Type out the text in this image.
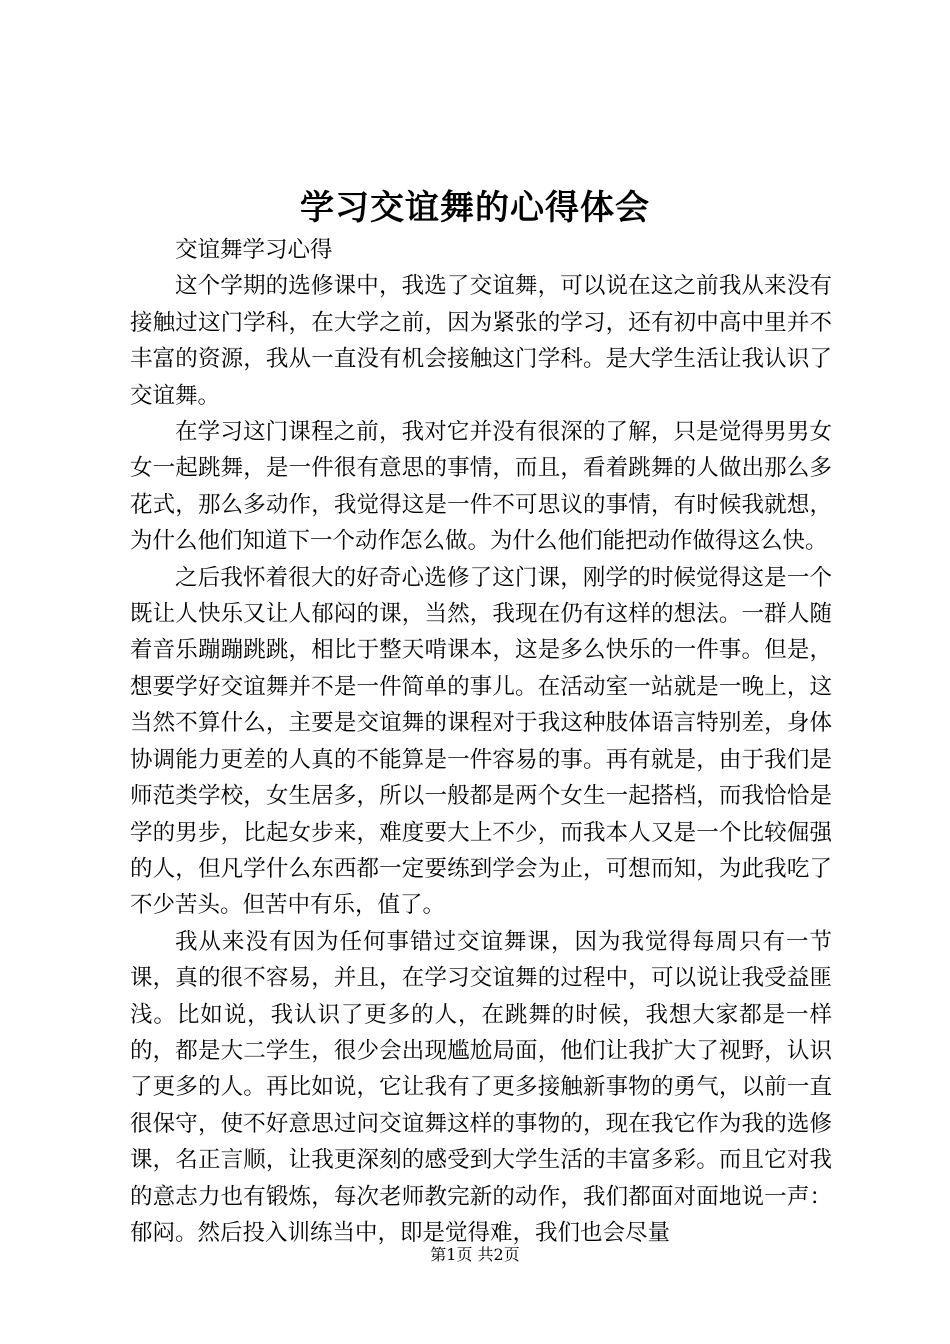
学习交谊舞的心得体会

交谊舞学习心得

这个学期的选修课中，我选了交谊舞，可以说在这之前我从来没有接触过这门学科，在大学之前，因为紧张的学习，还有初中高中里并不丰富的资源，我从一直没有机会接触这门学科。是大学生活让我认识了交谊舞。

在学习这门课程之前，我对它并没有很深的了解，只是觉得男男女女一起跳舞，是一件很有意思的事情，而且，看着跳舞的人做出那么多花式，那么多动作，我觉得这是一件不可思议的事情，有时候我就想，为什么他们知道下一个动作怎么做。为什么他们能把动作做得这么快。

之后我怀着很大的好奇心选修了这门课，刚学的时候觉得这是一个既让人快乐又让人郁闷的课，当然，我现在仍有这样的想法。一群人随着音乐蹦蹦跳跳，相比于整天啃课本，这是多么快乐的一件事。但是，想要学好交谊舞并不是一件简单的事儿。在活动室一站就是一晚上，这当然不算什么，主要是交谊舞的课程对于我这种肢体语言特别差，身体协调能力更差的人真的不能算是一件容易的事。再有就是，由于我们是师范类学校，女生居多，所以一般都是两个女生一起搭档，而我恰恰是学的男步，比起女步来，难度要大上不少，而我本人又是一个比较倔强的人，但凡学什么东西都一定要练到学会为止，可想而知，为此我吃了不少苦头。但苦中有乐，值了。

我从来没有因为任何事错过交谊舞课，因为我觉得每周只有一节课，真的很不容易，并且，在学习交谊舞的过程中，可以说让我受益匪浅。比如说，我认识了更多的人，在跳舞的时候，我想大家都是一样的，都是大二学生，很少会出现尴尬局面，他们让我扩大了视野，认识了更多的人。再比如说，它让我有了更多接触新事物的勇气，以前一直很保守，使不好意思过问交谊舞这样的事物的，现在我它作为我的选修课，名正言顺，让我更深刻的感受到大学生活的丰富多彩。而且它对我的意志力也有锻炼，每次老师教完新的动作，我们都面对面地说一声：郁闷。然后投入训练当中，即是觉得难，我们也会尽量

第1页 共2页
